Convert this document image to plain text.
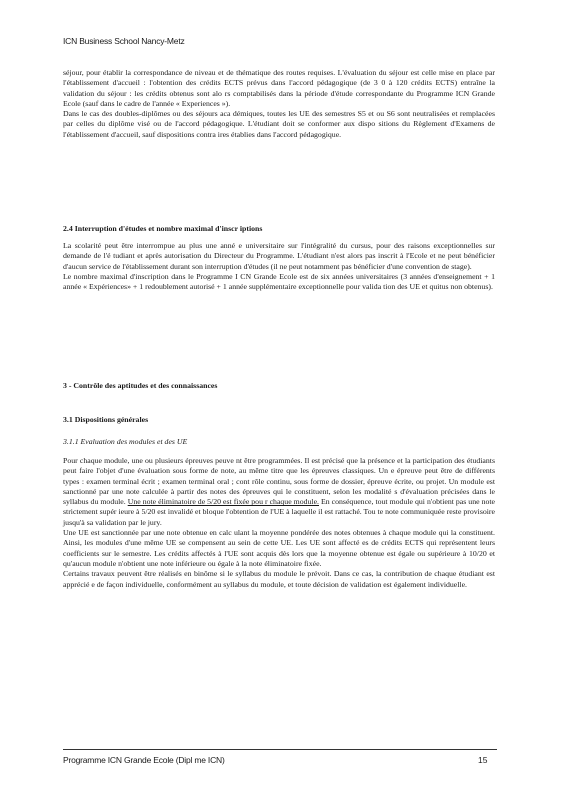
ICN Business School Nancy-Metz

séjour, pour établir la correspondance de niveau et de thématique des routes requises. L'évaluation du séjour est celle mise en place par l'établissement d'accueil : l'obtention des crédits ECTS prévus dans l'accord pédagogique (de 3 0 à 120 crédits ECTS) entraîne la validation du séjour : les crédits obtenus sont alo rs comptabilisés dans la période d'étude correspondante du Programme ICN Grande Ecole (sauf dans le cadre de l'année « Experiences »).

Dans le cas des doubles-diplômes ou des séjours aca démiques, toutes les UE des semestres S5 et ou S6 sont neutralisées et remplacées par celles du diplôme visé ou de l'accord pédagogique. L'étudiant doit se conformer aux dispo sitions du Règlement d'Examens de l'établissement d'accueil, sauf dispositions contra ires établies dans l'accord pédagogique.

2.4 Interruption d'études et nombre maximal d'inscr iptions

La scolarité peut être interrompue au plus une anné e universitaire sur l'intégralité du cursus, pour des raisons exceptionnelles sur demande de l'é tudiant et après autorisation du Directeur du Programme. L'étudiant n'est alors pas inscrit à l'Ecole et ne peut bénéficier d'aucun service de l'établissement durant son interruption d'études (il ne peut notamment pas bénéficier d'une convention de stage).

Le nombre maximal d'inscription dans le Programme I CN Grande Ecole est de six années universitaires (3 années d'enseignement + 1 année « Expériences» + 1 redoublement autorisé + 1 année supplémentaire exceptionnelle pour valida tion des UE et quitus non obtenus).

3 - Contrôle des aptitudes et des connaissances

3.1 Dispositions générales

3.1.1 Evaluation des modules et des UE

Pour chaque module, une ou plusieurs épreuves peuve nt être programmées. Il est précisé que la présence et la participation des étudiants peut faire l'objet d'une évaluation sous forme de note, au même titre que les épreuves classiques. Un e épreuve peut être de différents types : examen terminal écrit ; examen terminal oral ; cont rôle continu, sous forme de dossier, épreuve écrite, ou projet. Un module est sanctionné par une note calculée à partir des notes des épreuves qui le constituent, selon les modalité s d'évaluation précisées dans le syllabus du module. Une note éliminatoire de 5/20 est fixée pou r chaque module. En conséquence, tout module qui n'obtient pas une note strictement supér ieure à 5/20 est invalidé et bloque l'obtention de l'UE à laquelle il est rattaché. Tou te note communiquée reste provisoire jusqu'à sa validation par le jury.

Une UE est sanctionnée par une note obtenue en calc ulant la moyenne pondérée des notes obtenues à chaque module qui la constituent. Ainsi, les modules d'une même UE se compensent au sein de cette UE. Les UE sont affecté es de crédits ECTS qui représentent leurs coefficients sur le semestre. Les crédits affectés à l'UE sont acquis dès lors que la moyenne obtenue est égale ou supérieure à 10/20 et qu'aucun module n'obtient une note inférieure ou égale à la note éliminatoire fixée.

Certains travaux peuvent être réalisés en binôme si le syllabus du module le prévoit. Dans ce cas, la contribution de chaque étudiant est apprécié e de façon individuelle, conformément au syllabus du module, et toute décision de validation est également individuelle.

Programme ICN Grande Ecole (Dipl me ICN)	15
